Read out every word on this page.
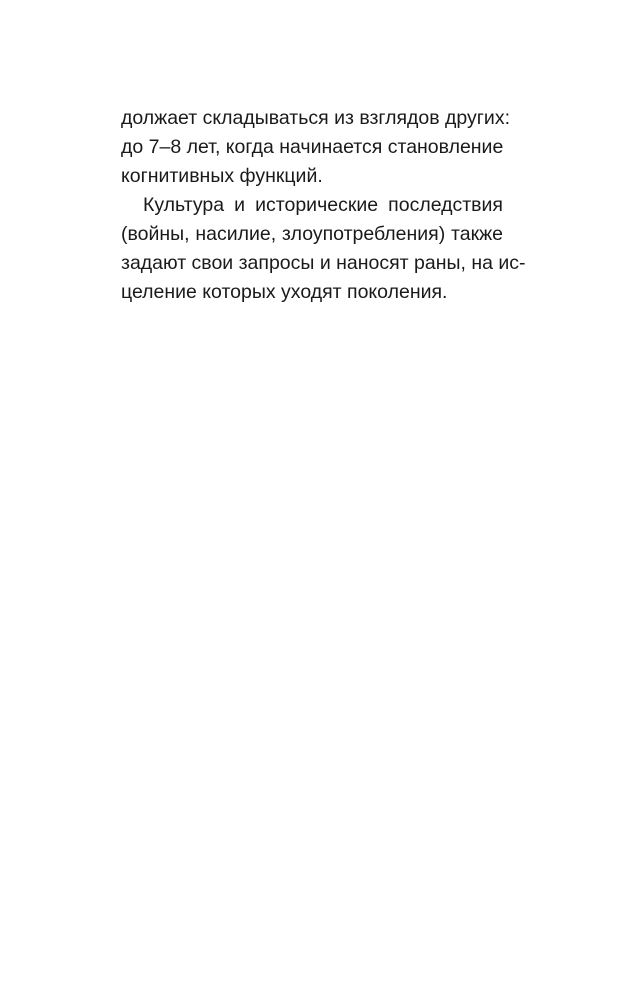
должает складываться из взглядов других:
до 7–8 лет, когда начинается становление
когнитивных функций.
Культура и исторические последствия
(войны, насилие, злоупотребления) также
задают свои запросы и наносят раны, на ис-
целение которых уходят поколения.
